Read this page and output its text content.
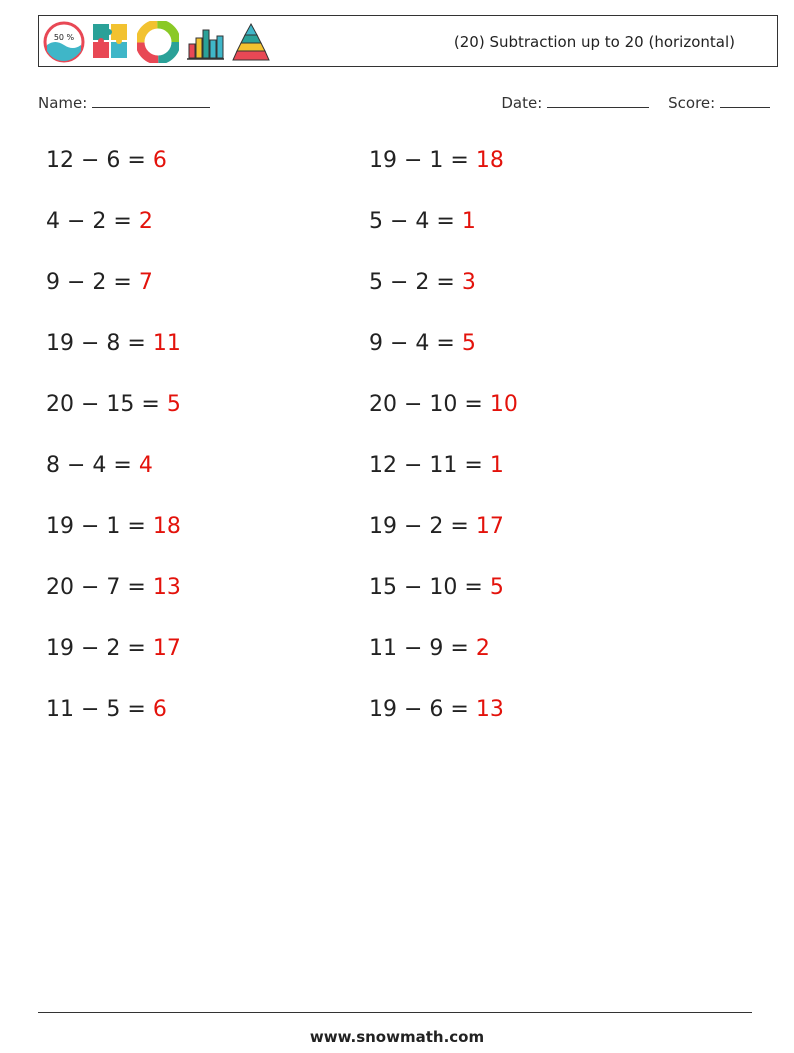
50 %	(20) Subtraction up to 20 (horizontal)
Name:	Date:	Score:
12 − 6 = 6	19 − 1 = 18
4 − 2 = 2	5 − 4 = 1
9 − 2 = 7	5 − 2 = 3
19 − 8 = 11	9 − 4 = 5
20 − 15 = 5	20 − 10 = 10
8 − 4 = 4	12 − 11 = 1
19 − 1 = 18	19 − 2 = 17
20 − 7 = 13	15 − 10 = 5
19 − 2 = 17	11 − 9 = 2
11 − 5 = 6	19 − 6 = 13
www.snowmath.com
